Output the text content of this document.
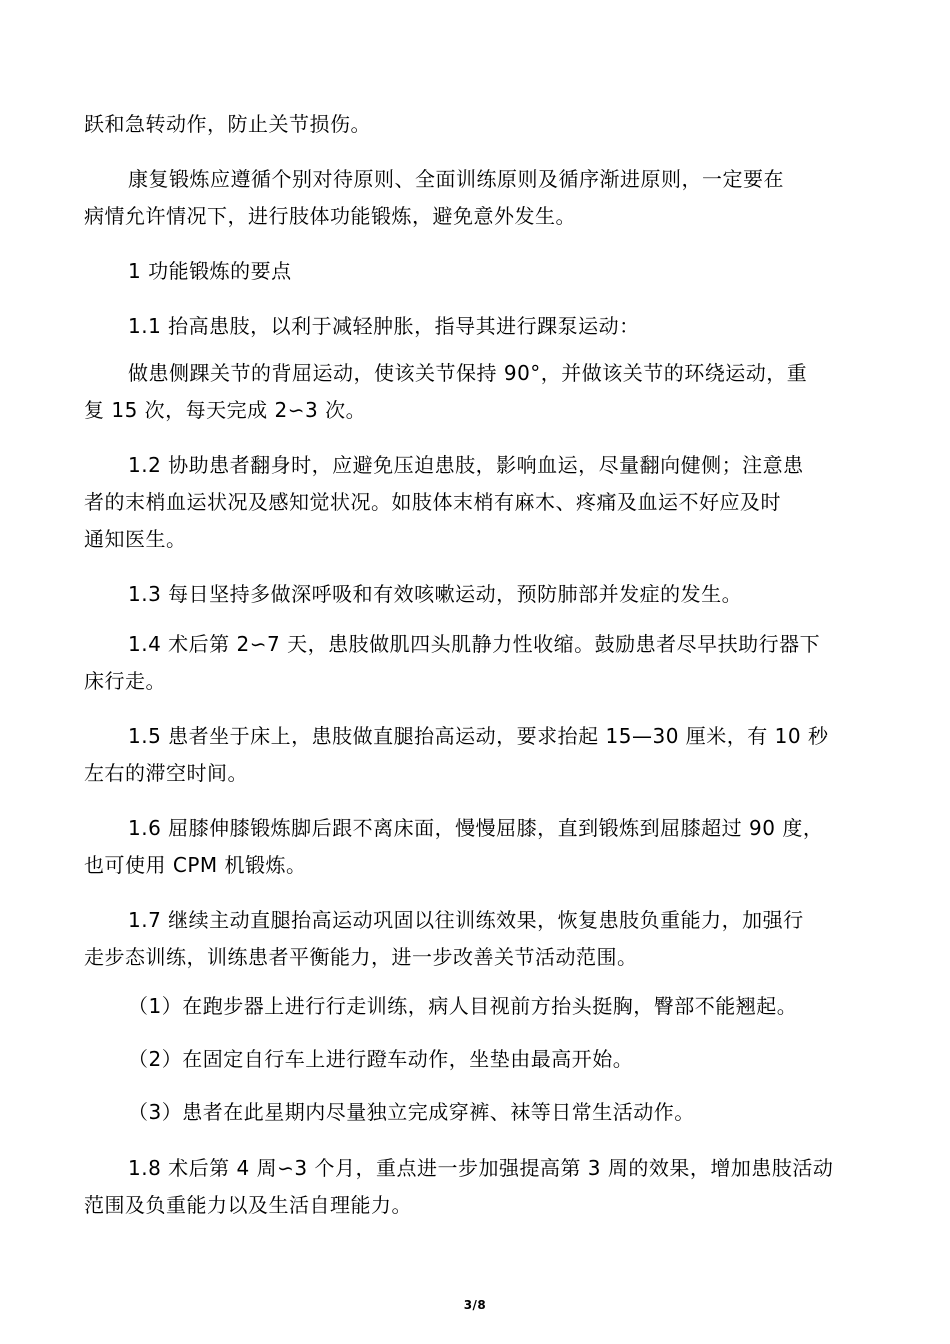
跃和急转动作，防止关节损伤。

康复锻炼应遵循个别对待原则、全面训练原则及循序渐进原则，一定要在
病情允许情况下，进行肢体功能锻炼，避免意外发生。

1 功能锻炼的要点

1.1 抬高患肢，以利于减轻肿胀，指导其进行踝泵运动：

做患侧踝关节的背屈运动，使该关节保持 90°，并做该关节的环绕运动，重
复 15 次，每天完成 2∽3 次。

1.2 协助患者翻身时，应避免压迫患肢，影响血运，尽量翻向健侧；注意患
者的末梢血运状况及感知觉状况。如肢体末梢有麻木、疼痛及血运不好应及时
通知医生。

1.3 每日坚持多做深呼吸和有效咳嗽运动，预防肺部并发症的发生。

1.4 术后第 2∽7 天，患肢做肌四头肌静力性收缩。鼓励患者尽早扶助行器下
床行走。

1.5 患者坐于床上，患肢做直腿抬高运动，要求抬起 15—30 厘米，有 10 秒
左右的滞空时间。

1.6 屈膝伸膝锻炼脚后跟不离床面，慢慢屈膝，直到锻炼到屈膝超过 90 度，
也可使用 CPM 机锻炼。

1.7 继续主动直腿抬高运动巩固以往训练效果，恢复患肢负重能力，加强行
走步态训练，训练患者平衡能力，进一步改善关节活动范围。

（1）在跑步器上进行行走训练，病人目视前方抬头挺胸，臀部不能翘起。

（2）在固定自行车上进行蹬车动作，坐垫由最高开始。

（3）患者在此星期内尽量独立完成穿裤、袜等日常生活动作。

1.8 术后第 4 周∽3 个月，重点进一步加强提高第 3 周的效果，增加患肢活动
范围及负重能力以及生活自理能力。

3/8
